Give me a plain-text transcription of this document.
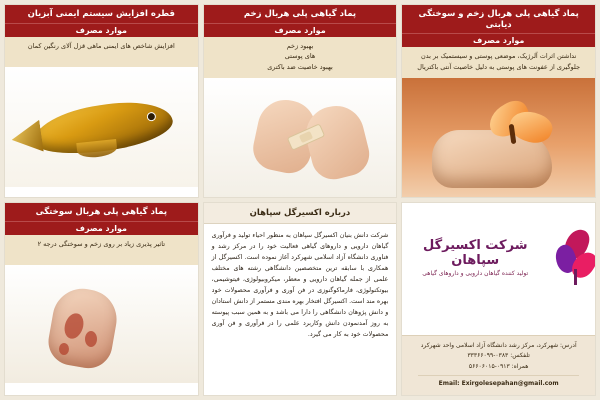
پماد گیاهی پلی هربال زخم و سوختگی دیابتی
موارد مصرف
نداشتن اثرات آلرژیک، موضعی پوستی و سیستمیک بر بدن
جلوگیری از عفونت های پوستی به دلیل خاصیت آنتی باکتریال
پماد گیاهی پلی هربال زخم
موارد مصرف
بهبود زخم
های پوستی
بهبود خاصیت ضد باکتری
قطره افزایش سیستم ایمنی آبزیان
موارد مصرف
افزایش شاخص های ایمنی ماهی قزل آلای رنگین کمان
شرکت اکسیرگل سپاهان
تولید کننده گیاهان دارویی و داروهای گیاهی
آدرس: شهرکرد، مرکز رشد دانشگاه آزاد اسلامی واحد شهرکرد
تلفکس: ۰۳۸۳-۳۳۳۶۶۰۹۹
همراه: ۰۹۱۳-۵۶۶۰۶۰۱۵
Email: Exirgolesepahan@gmail.com
درباره اکسیرگل سپاهان
شرکت دانش بنیان اکسیرگل سپاهان به منظور احیاء تولید و فرآوری گیاهان دارویی و داروهای گیاهی فعالیت خود را در مرکز رشد و فناوری دانشگاه آزاد اسلامی شهرکرد آغاز نموده است. اکسیرگل از همکاری با سابقه ترین متخصصین دانشگاهی رشته های مختلف علمی از جمله گیاهان دارویی و معطر، میکروبیولوژی، فیتوشیمی، بیوتکنولوژی، فارماکوگنوزی در فن آوری و فرآوری محصولات خود بهره مند است. اکسیرگل افتخار بهره مندی مستمر از دانش استادان و دانش پژوهان دانشگاهی را دارا می باشد و به همین سبب پیوسته به روز آمدنمودن دانش وکاربرد علمی را در فرآوری و فن آوری محصولات خود به کار می گیرد.
پماد گیاهی پلی هربال سوختگی
موارد مصرف
تاثیر پذیری زیاد بر روی زخم و سوختگی درجه ۲
